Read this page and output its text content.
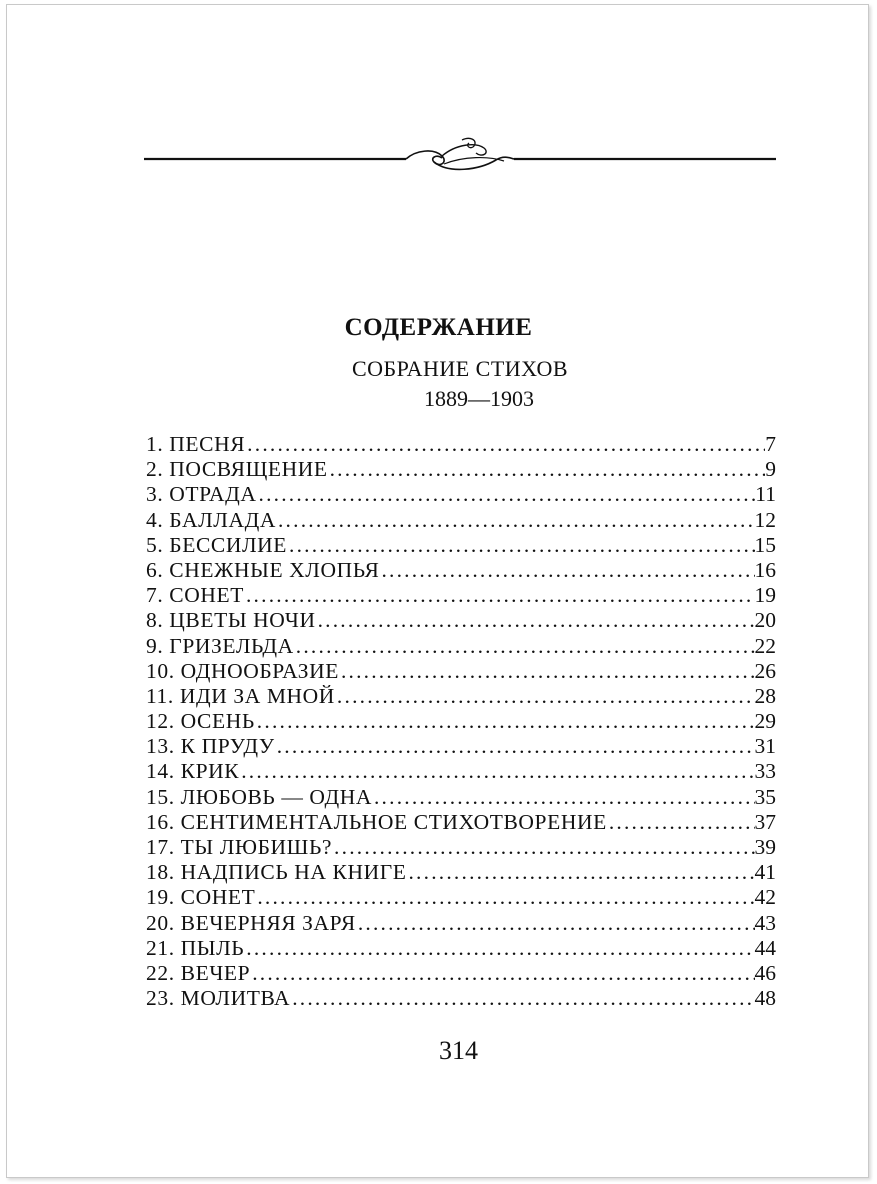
СОДЕРЖАНИЕ
СОБРАНИЕ СТИХОВ
1889—1903
1. ПЕСНЯ .....	7
2. ПОСВЯЩЕНИЕ .....	9
3. ОТРАДА .....	11
4. БАЛЛАДА .....	12
5. БЕССИЛИЕ .....	15
6. СНЕЖНЫЕ ХЛОПЬЯ .....	16
7. СОНЕТ .....	19
8. ЦВЕТЫ НОЧИ .....	20
9. ГРИЗЕЛЬДА .....	22
10. ОДНООБРАЗИЕ .....	26
11. ИДИ ЗА МНОЙ .....	28
12. ОСЕНЬ .....	29
13. К ПРУДУ .....	31
14. КРИК .....	33
15. ЛЮБОВЬ — ОДНА .....	35
16. СЕНТИМЕНТАЛЬНОЕ СТИХОТВОРЕНИЕ .....	37
17. ТЫ ЛЮБИШЬ? .....	39
18. НАДПИСЬ НА КНИГЕ .....	41
19. СОНЕТ .....	42
20. ВЕЧЕРНЯЯ ЗАРЯ .....	43
21. ПЫЛЬ .....	44
22. ВЕЧЕР .....	46
23. МОЛИТВА .....	48
314
